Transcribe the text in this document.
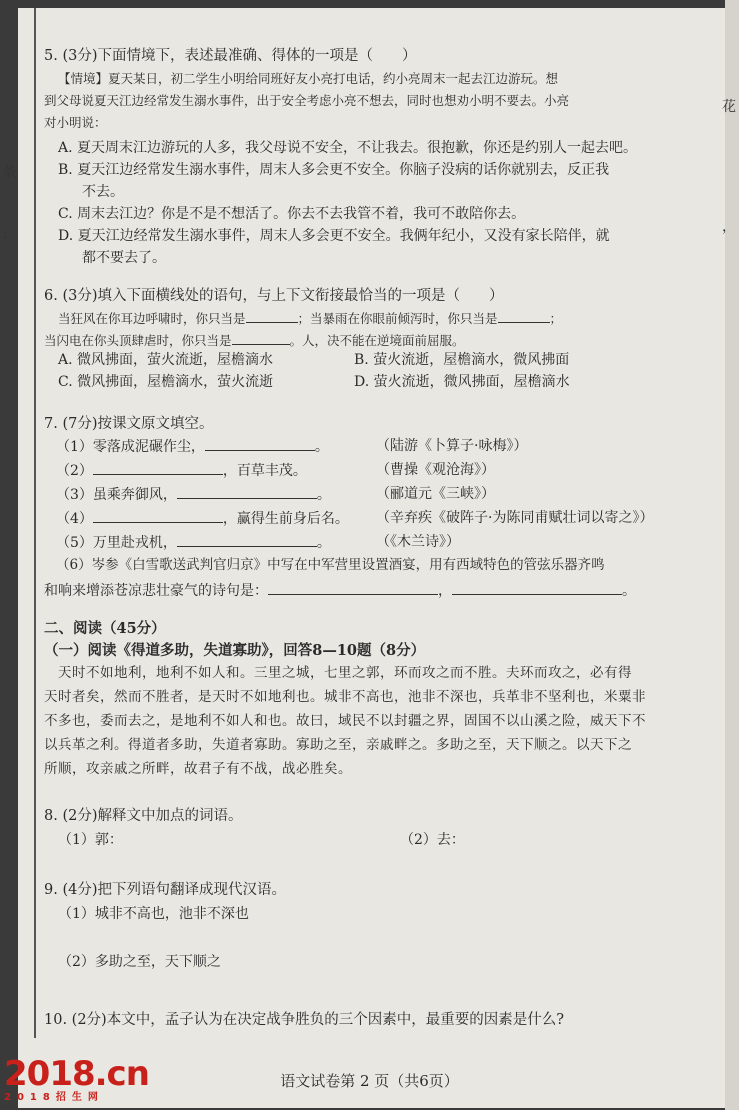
条
；
花
，
5. (3分)下面情境下，表述最准确、得体的一项是（　　）
【情境】夏天某日，初二学生小明给同班好友小亮打电话，约小亮周末一起去江边游玩。想
到父母说夏天江边经常发生溺水事件，出于安全考虑小亮不想去，同时也想劝小明不要去。小亮
对小明说：
A. 夏天周末江边游玩的人多，我父母说不安全，不让我去。很抱歉，你还是约别人一起去吧。
B. 夏天江边经常发生溺水事件，周末人多会更不安全。你脑子没病的话你就别去，反正我
不去。
C. 周末去江边？你是不是不想活了。你去不去我管不着，我可不敢陪你去。
D. 夏天江边经常发生溺水事件，周末人多会更不安全。我俩年纪小，又没有家长陪伴，就
都不要去了。
6. (3分)填入下面横线处的语句，与上下文衔接最恰当的一项是（　　）
当狂风在你耳边呼啸时，你只当是	；当暴雨在你眼前倾泻时，你只当是	；
当闪电在你头顶肆虐时，你只当是	。人，决不能在逆境面前屈服。
A. 微风拂面，萤火流逝，屋檐滴水	B. 萤火流逝，屋檐滴水，微风拂面
C. 微风拂面，屋檐滴水，萤火流逝	D. 萤火流逝，微风拂面，屋檐滴水
7. (7分)按课文原文填空。
（1）零落成泥碾作尘，	。	（陆游《卜算子·咏梅》）
（2）	，百草丰茂。	（曹操《观沧海》）
（3）虽乘奔御风，	。	（郦道元《三峡》）
（4）	，赢得生前身后名。	（辛弃疾《破阵子·为陈同甫赋壮词以寄之》）
（5）万里赴戎机，	。	（《木兰诗》）
（6）岑参《白雪歌送武判官归京》中写在中军营里设置酒宴，用有西域特色的管弦乐器齐鸣
和响来增添苍凉悲壮豪气的诗句是：	，	。
二、阅读（45分）
（一）阅读《得道多助，失道寡助》，回答8—10题（8分）
天时不如地利，地利不如人和。三里之城，七里之郭，环而攻之而不胜。夫环而攻之，必有得
天时者矣，然而不胜者，是天时不如地利也。城非不高也，池非不深也，兵革非不坚利也，米粟非
不多也，委而去之，是地利不如人和也。故曰，域民不以封疆之界，固国不以山溪之险，威天下不
以兵革之利。得道者多助，失道者寡助。寡助之至，亲戚畔之。多助之至，天下顺之。以天下之
所顺，攻亲戚之所畔，故君子有不战，战必胜矣。
8. (2分)解释文中加点的词语。
（1）郭：	（2）去：
9. (4分)把下列语句翻译成现代汉语。
（1）城非不高也，池非不深也
（2）多助之至，天下顺之
10. (2分)本文中，孟子认为在决定战争胜负的三个因素中，最重要的因素是什么?
语文试卷第 2 页（共6页）
2018.cn
2018招生网
